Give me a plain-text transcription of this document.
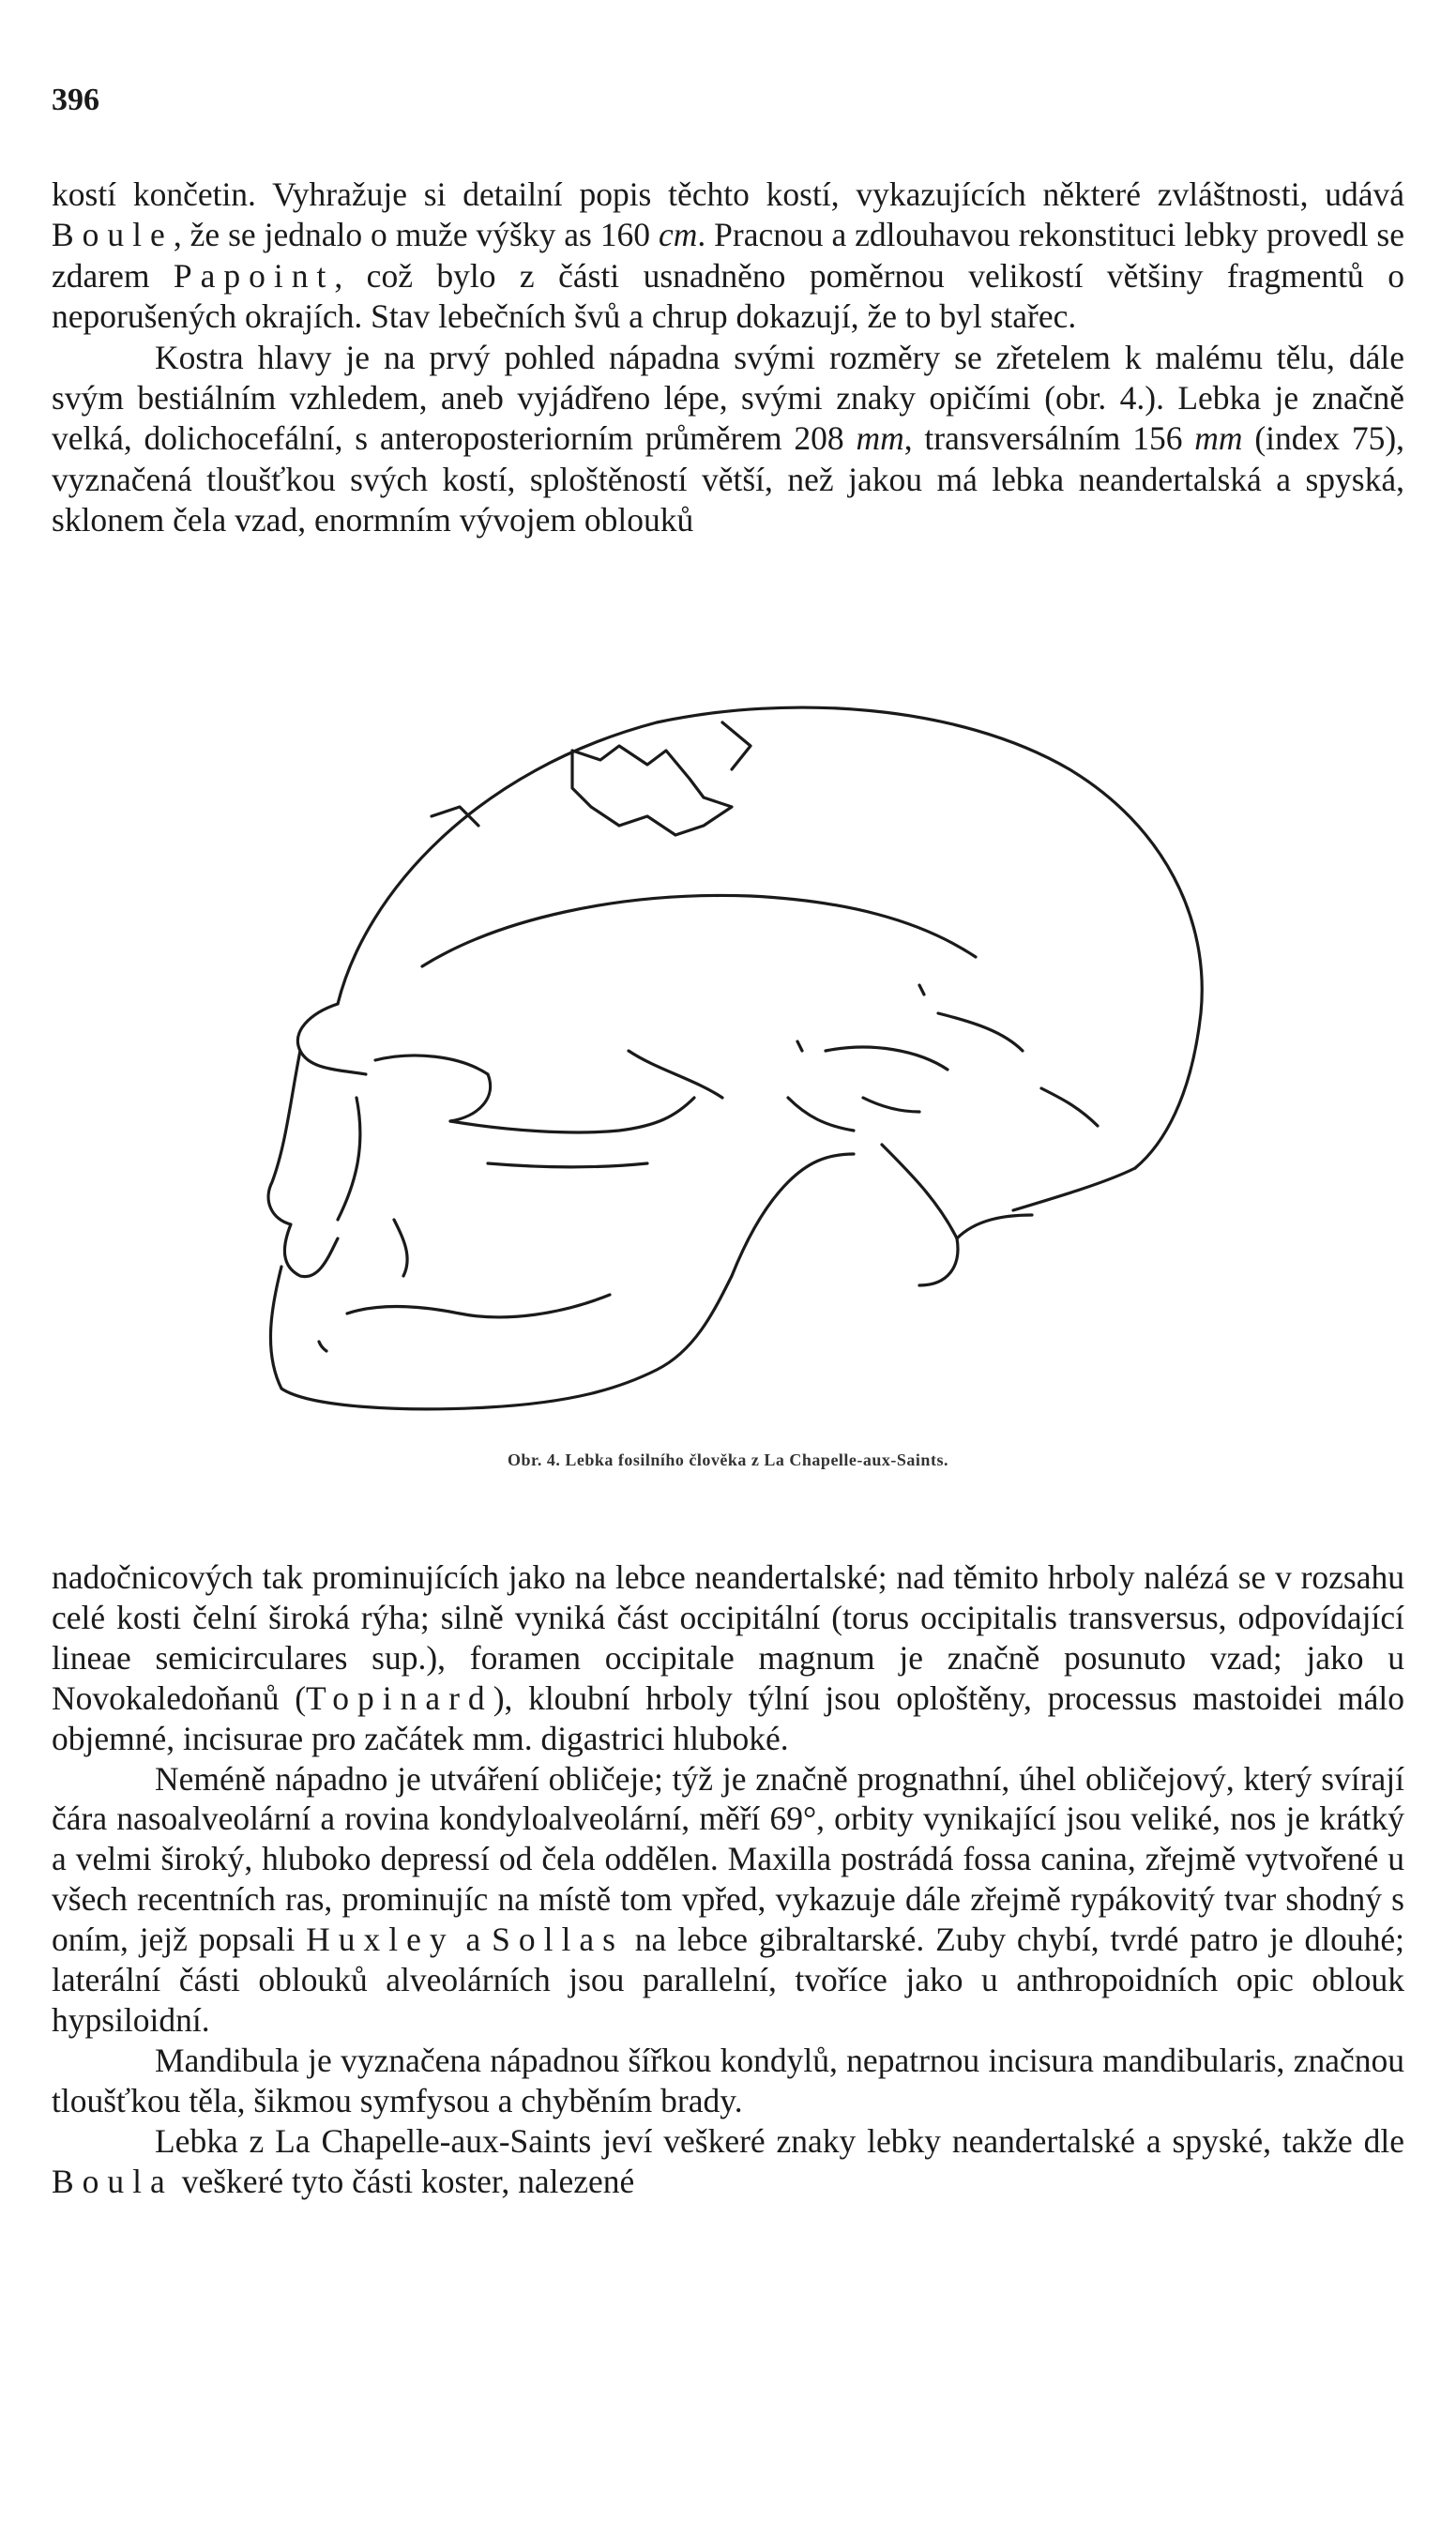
396

kostí končetin. Vyhražuje si detailní popis těchto kostí, vykazujících některé zvláštnosti, udává Boule, že se jednalo o muže výšky as 160 cm. Pracnou a zdlouhavou rekonstituci lebky provedl se zdarem Papoint, což bylo z části usnadněno poměrnou velikostí většiny fragmentů o neporušených okrajích. Stav lebečních švů a chrup dokazují, že to byl stařec.

Kostra hlavy je na prvý pohled nápadna svými rozměry se zřetelem k malému tělu, dále svým bestiálním vzhledem, aneb vyjádřeno lépe, svými znaky opičími (obr. 4.). Lebka je značně velká, dolichocefální, s anteroposteriorním průměrem 208 mm, transversálním 156 mm (index 75), vyznačená tloušťkou svých kostí, sploštěností větší, než jakou má lebka neandertalská a spyská, sklonem čela vzad, enormním vývojem oblouků

Obr. 4. Lebka fosilního člověka z La Chapelle-aux-Saints.

nadočnicových tak prominujících jako na lebce neandertalské; nad těmito hrboly nalézá se v rozsahu celé kosti čelní široká rýha; silně vyniká část occipitální (torus occipitalis transversus, odpovídající lineae semicirculares sup.), foramen occipitale magnum je značně posunuto vzad; jako u Novokaledoňanů (Topinard), kloubní hrboly týlní jsou oploštěny, processus mastoidei málo objemné, incisurae pro začátek mm. digastrici hluboké.

Neméně nápadno je utváření obličeje; týž je značně prognathní, úhel obličejový, který svírají čára nasoalveolární a rovina kondyloalveolární, měří 69°, orbity vynikající jsou veliké, nos je krátký a velmi široký, hluboko depressí od čela oddělen. Maxilla postrádá fossa canina, zřejmě vytvořené u všech recentních ras, prominujíc na místě tom vpřed, vykazuje dále zřejmě rypákovitý tvar shodný s oním, jejž popsali Huxley a Sollas na lebce gibraltarské. Zuby chybí, tvrdé patro je dlouhé; laterální části oblouků alveolárních jsou parallelní, tvoříce jako u anthropoidních opic oblouk hypsiloidní.

Mandibula je vyznačena nápadnou šířkou kondylů, nepatrnou incisura mandibularis, značnou tloušťkou těla, šikmou symfysou a chyběním brady.

Lebka z La Chapelle-aux-Saints jeví veškeré znaky lebky neandertalské a spyské, takže dle Boula veškeré tyto části koster, nalezené
